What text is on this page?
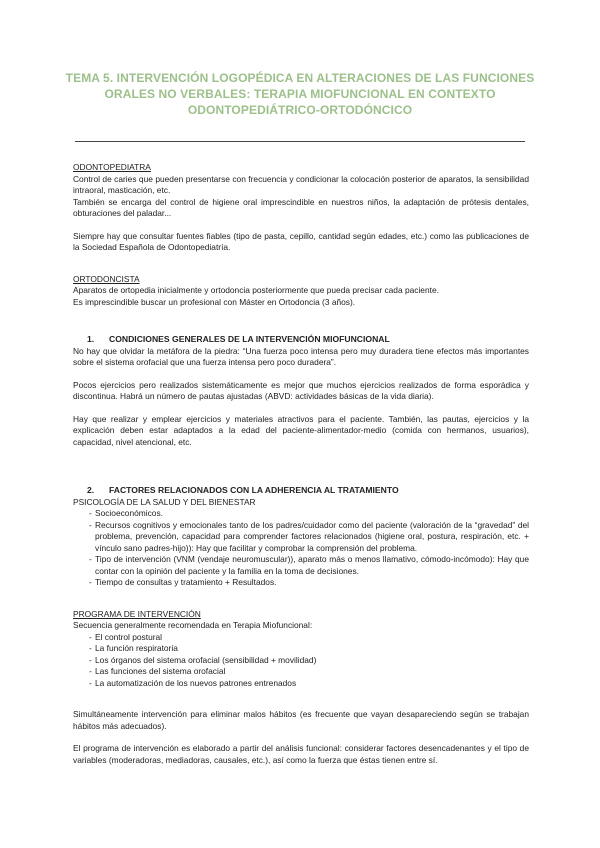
TEMA 5. INTERVENCIÓN LOGOPÉDICA EN ALTERACIONES DE LAS FUNCIONES
ORALES NO VERBALES: TERAPIA MIOFUNCIONAL EN CONTEXTO
ODONTOPEDIÁTRICO-ORTODÓNCICO

ODONTOPEDIATRA

Control de caries que pueden presentarse con frecuencia y condicionar la colocación posterior de aparatos, la sensibilidad intraoral, masticación, etc.

También se encarga del control de higiene oral imprescindible en nuestros niños, la adaptación de prótesis dentales, obturaciones del paladar...

Siempre hay que consultar fuentes fiables (tipo de pasta, cepillo, cantidad según edades, etc.) como las publicaciones de la Sociedad Española de Odontopediatría.

ORTODONCISTA

Aparatos de ortopedia inicialmente y ortodoncia posteriormente que pueda precisar cada paciente.

Es imprescindible buscar un profesional con Máster en Ortodoncia (3 años).

1. CONDICIONES GENERALES DE LA INTERVENCIÓN MIOFUNCIONAL

No hay que olvidar la metáfora de la piedra: “Una fuerza poco intensa pero muy duradera tiene efectos más importantes sobre el sistema orofacial que una fuerza intensa pero poco duradera”.

Pocos ejercicios pero realizados sistemáticamente es mejor que muchos ejercicios realizados de forma esporádica y discontinua. Habrá un número de pautas ajustadas (ABVD: actividades básicas de la vida diaria).

Hay que realizar y emplear ejercicios y materiales atractivos para el paciente. También, las pautas, ejercicios y la explicación deben estar adaptados a la edad del paciente-alimentador-medio (comida con hermanos, usuarios), capacidad, nivel atencional, etc.

2. FACTORES RELACIONADOS CON LA ADHERENCIA AL TRATAMIENTO

PSICOLOGÍA DE LA SALUD Y DEL BIENESTAR

- Socioeconómicos.
- Recursos cognitivos y emocionales tanto de los padres/cuidador como del paciente (valoración de la “gravedad” del problema, prevención, capacidad para comprender factores relacionados (higiene oral, postura, respiración, etc. + vínculo sano padres-hijo)): Hay que facilitar y comprobar la comprensión del problema.
- Tipo de intervención (VNM (vendaje neuromuscular)), aparato más o menos llamativo, cómodo-incómodo): Hay que contar con la opinión del paciente y la familia en la toma de decisiones.
- Tiempo de consultas y tratamiento + Resultados.

PROGRAMA DE INTERVENCIÓN

Secuencia generalmente recomendada en Terapia Miofuncional:

- El control postural
- La función respiratoria
- Los órganos del sistema orofacial (sensibilidad + movilidad)
- Las funciones del sistema orofacial
- La automatización de los nuevos patrones entrenados

Simultáneamente intervención para eliminar malos hábitos (es frecuente que vayan desapareciendo según se trabajan hábitos más adecuados).

El programa de intervención es elaborado a partir del análisis funcional: considerar factores desencadenantes y el tipo de variables (moderadoras, mediadoras, causales, etc.), así como la fuerza que éstas tienen entre sí.
